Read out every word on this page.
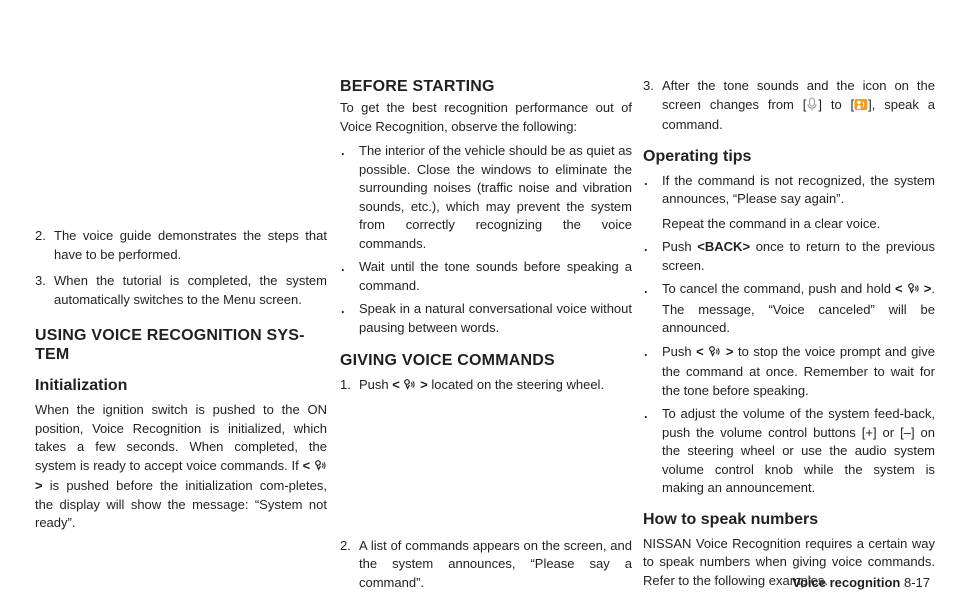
2. The voice guide demonstrates the steps that have to be performed.

3. When the tutorial is completed, the system automatically switches to the Menu screen.

USING VOICE RECOGNITION SYS-TEM
Initialization

When the ignition switch is pushed to the ON position, Voice Recognition is initialized, which takes a few seconds. When completed, the system is ready to accept voice commands. If <  > is pushed before the initialization com-pletes, the display will show the message: “System not ready”.

BEFORE STARTING

To get the best recognition performance out of Voice Recognition, observe the following:

. The interior of the vehicle should be as quiet as possible. Close the windows to eliminate the surrounding noises (traffic noise and vibration sounds, etc.), which may prevent the system from correctly recognizing the voice commands.

. Wait until the tone sounds before speaking a command.

. Speak in a natural conversational voice without pausing between words.

GIVING VOICE COMMANDS

1. Push < > located on the steering wheel.

2. A list of commands appears on the screen, and the system announces, “Please say a command”.

3. After the tone sounds and the icon on the screen changes from [ ] to [ ], speak a command.

Operating tips

. If the command is not recognized, the system announces, “Please say again”.

Repeat the command in a clear voice.

. Push <BACK> once to return to the previous screen.

. To cancel the command, push and hold < >. The message, “Voice canceled” will be announced.

. Push < > to stop the voice prompt and give the command at once. Remember to wait for the tone before speaking.

. To adjust the volume of the system feed-back, push the volume control buttons [+] or [–] on the steering wheel or use the audio system volume control knob while the system is making an announcement.

How to speak numbers

NISSAN Voice Recognition requires a certain way to speak numbers when giving voice commands. Refer to the following examples.

Voice recognition 8-17
